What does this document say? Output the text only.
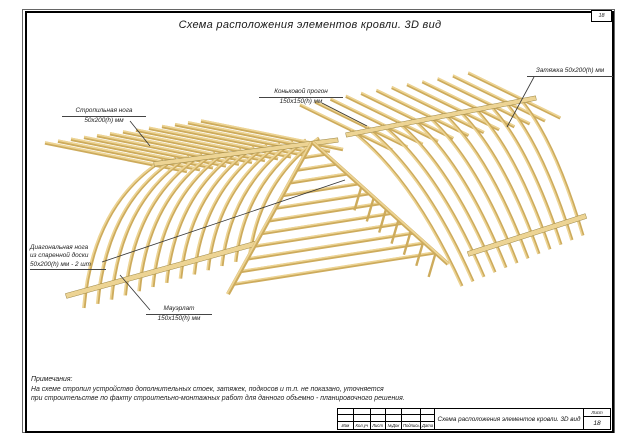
Схема расположения элементов кровли. 3D вид
Стропильная нога
50х200(h) мм
Коньковой прогон
150х150(h) мм
Затяжка 50х200(h) мм
Диагональная нога
из спаренной доски
50х200(h) мм - 2 шт
Мауэрлат
150х150(h) мм
Примечания:
На схеме стропил устройство дополнительных стоек, затяжек, подкосов и т.п. не показано, уточняется
при строительстве по факту строительно-монтажных работ для данного объемно - планировочного решения.
Изм	Кол.уч Лист	№Док Подпись Дата
Схема расположения элементов кровли. 3D вид
Лист
18
18
